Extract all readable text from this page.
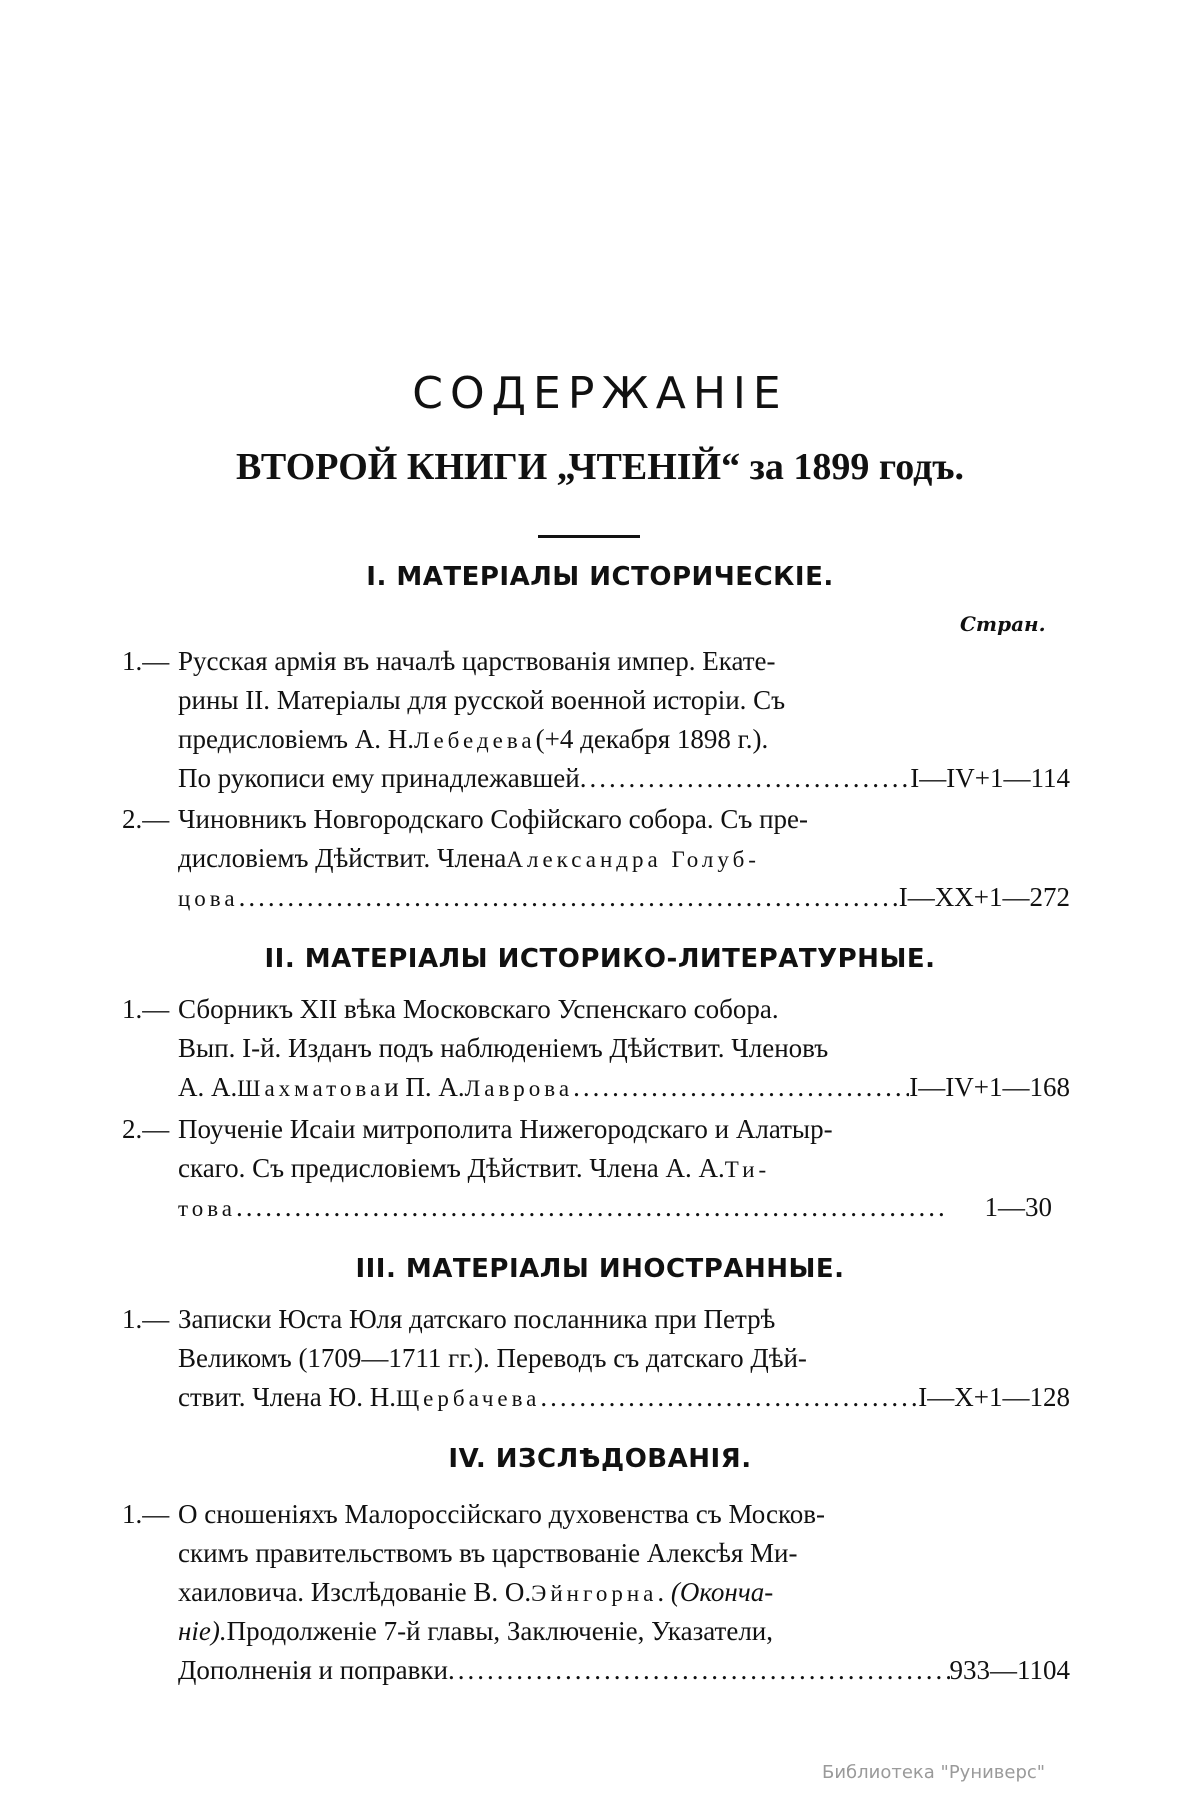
СОДЕРЖАНІЕ
ВТОРОЙ КНИГИ „ЧТЕНІЙ“ за 1899 годъ.
I. МАТЕРІАЛЫ ИСТОРИЧЕСКІЕ.
Стран.
1.— Русская армія въ началѣ царствованія импер. Екате-
рины II. Матеріалы для русской военной исторіи. Съ
предисловіемъ А. Н. Лебедева (+4 декабря 1898 г.).
По рукописи ему принадлежавшей .....	I—IV+1—114
2.— Чиновникъ Новгородскаго Софійскаго собора. Съ пре-
дисловіемъ Дѣйствит. Члена Александра Голуб-
цова .....	I—XX+1—272
II. МАТЕРІАЛЫ ИСТОРИКО-ЛИТЕРАТУРНЫЕ.
1.— Сборникъ XII вѣка Московскаго Успенскаго собора.
Вып. I-й. Изданъ подъ наблюденіемъ Дѣйствит. Членовъ
А. А. Шахматова и П. А. Лаврова .....	I—IV+1—168
2.— Поученіе Исаіи митрополита Нижегородскаго и Алатыр-
скаго. Съ предисловіемъ Дѣйствит. Члена А. А. Ти-
това .....	1—30
III. МАТЕРІАЛЫ ИНОСТРАННЫЕ.
1.— Записки Юста Юля датскаго посланника при Петрѣ
Великомъ (1709—1711 гг.). Переводъ съ датскаго Дѣй-
ствит. Члена Ю. Н. Щербачева .....	I—X+1—128
IV. ИЗСЛѢДОВАНІЯ.
1.— О сношеніяхъ Малороссійскаго духовенства съ Москов-
скимъ правительствомъ въ царствованіе Алексѣя Ми-
хаиловича. Изслѣдованіе В. О. Эйнгорна . (Оконча-
ніе). Продолженіе 7-й главы, Заключеніе, Указатели,
Дополненія и поправки .....	933—1104
Библиотека "Руниверс"
